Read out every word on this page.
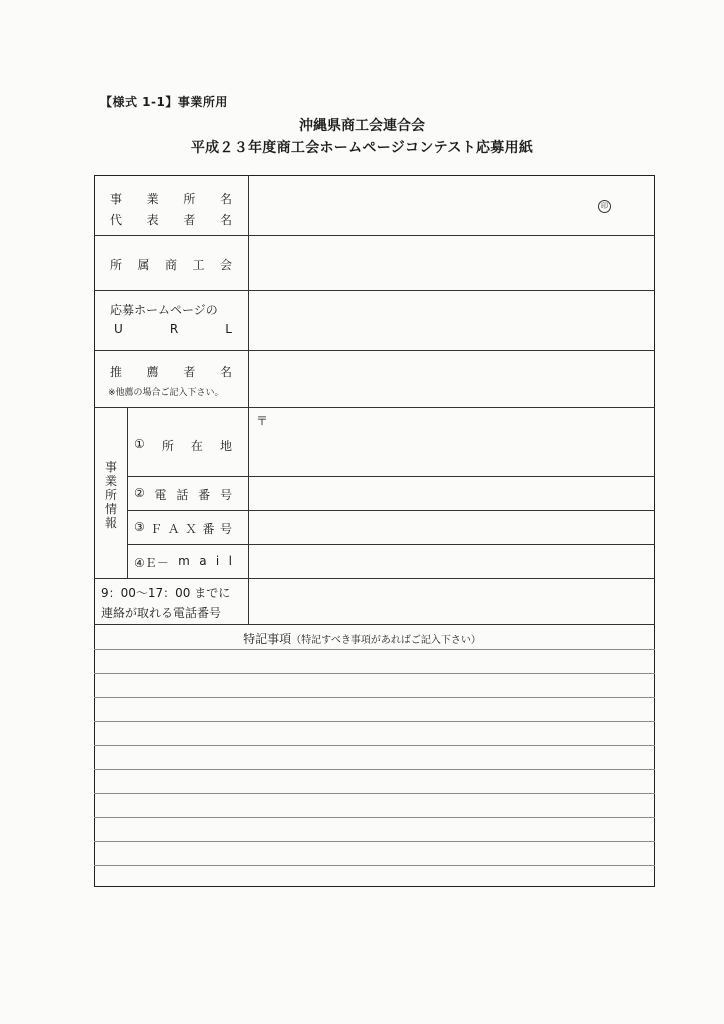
【様式 1-1】事業所用
沖縄県商工会連合会
平成２３年度商工会ホームページコンテスト応募用紙
事 業 所 名
代 表 者 名
印
所 属 商 工 会
応募ホームページの
U	R	L
推 薦 者 名
※他薦の場合ご記入下さい。
事
業
所
情
報
① 所 在 地
〒
② 電 話 番 号
③ Ｆ Ａ Ｘ 番 号
④Ｅ－ m a i l
9：00～17：00 までに
連絡が取れる電話番号
特記事項（特記すべき事項があればご記入下さい）
